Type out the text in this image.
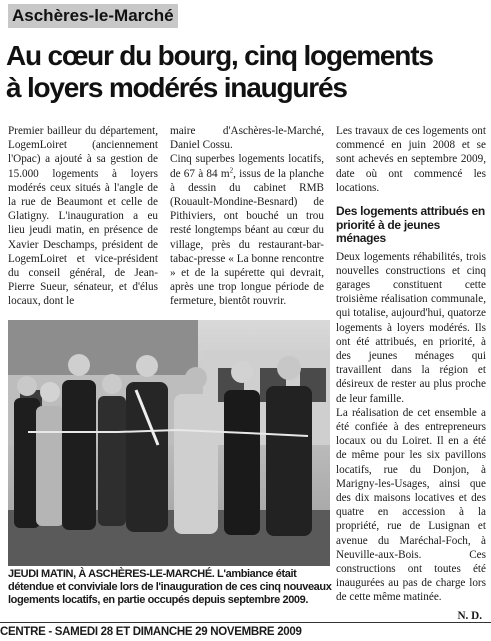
Aschères-le-Marché
Au cœur du bourg, cinq logements
à loyers modérés inaugurés

Premier bailleur du département, LogemLoiret (anciennement l'Opac) a ajouté à sa gestion de 15.000 logements à loyers modérés ceux situés à l'angle de la rue de Beaumont et celle de Glatigny. L'inauguration a eu lieu jeudi matin, en présence de Xavier Deschamps, président de LogemLoiret et vice-président du conseil général, de Jean-Pierre Sueur, sénateur, et d'élus locaux, dont le

maire d'Aschères-le-Marché, Daniel Cossu.

Cinq superbes logements locatifs, de 67 à 84 $m^2$, issus de la planche à dessin du cabinet RMB (Rouault-Mondine-Besnard) de Pithiviers, ont bouché un trou resté longtemps béant au cœur du village, près du restaurant-bar-tabac-presse « La bonne rencontre » et de la supérette qui devrait, après une trop longue période de fermeture, bientôt rouvrir.

Les travaux de ces logements ont commencé en juin 2008 et se sont achevés en septembre 2009, date où ont commencé les locations.

Des logements attribués en priorité à de jeunes ménages

Deux logements réhabilités, trois nouvelles constructions et cinq garages constituent cette troisième réalisation communale, qui totalise, aujourd'hui, quatorze logements à loyers modérés. Ils ont été attribués, en priorité, à des jeunes ménages qui travaillent dans la région et désireux de rester au plus proche de leur famille.

La réalisation de cet ensemble a été confiée à des entrepreneurs locaux ou du Loiret. Il en a été de même pour les six pavillons locatifs, rue du Donjon, à Marigny-les-Usages, ainsi que des dix maisons locatives et des quatre en accession à la propriété, rue de Lusignan et avenue du Maréchal-Foch, à Neuville-aux-Bois. Ces constructions ont toutes été inaugurées au pas de charge lors de cette même matinée.

N. D.

JEUDI MATIN, À ASCHÈRES-LE-MARCHÉ. L'ambiance était détendue et conviviale lors de l'inauguration de ces cinq nouveaux logements locatifs, en partie occupés depuis septembre 2009.

CENTRE - SAMEDI 28 ET DIMANCHE 29 NOVEMBRE 2009
